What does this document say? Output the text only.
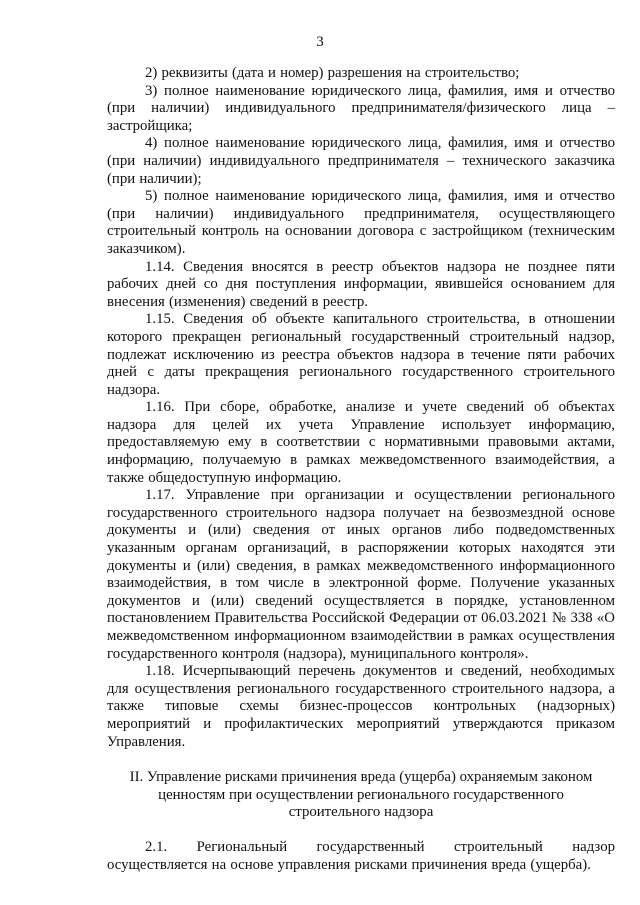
3

2) реквизиты (дата и номер) разрешения на строительство;

3) полное наименование юридического лица, фамилия, имя и отчество (при наличии) индивидуального предпринимателя/физического лица – застройщика;

4) полное наименование юридического лица, фамилия, имя и отчество (при наличии) индивидуального предпринимателя – технического заказчика (при наличии);

5) полное наименование юридического лица, фамилия, имя и отчество (при наличии) индивидуального предпринимателя, осуществляющего строительный контроль на основании договора с застройщиком (техническим заказчиком).

1.14. Сведения вносятся в реестр объектов надзора не позднее пяти рабочих дней со дня поступления информации, явившейся основанием для внесения (изменения) сведений в реестр.

1.15. Сведения об объекте капитального строительства, в отношении которого прекращен региональный государственный строительный надзор, подлежат исключению из реестра объектов надзора в течение пяти рабочих дней с даты прекращения регионального государственного строительного надзора.

1.16. При сборе, обработке, анализе и учете сведений об объектах надзора для целей их учета Управление использует информацию, предоставляемую ему в соответствии с нормативными правовыми актами, информацию, получаемую в рамках межведомственного взаимодействия, а также общедоступную информацию.

1.17. Управление при организации и осуществлении регионального государственного строительного надзора получает на безвозмездной основе документы и (или) сведения от иных органов либо подведомственных указанным органам организаций, в распоряжении которых находятся эти документы и (или) сведения, в рамках межведомственного информационного взаимодействия, в том числе в электронной форме. Получение указанных документов и (или) сведений осуществляется в порядке, установленном постановлением Правительства Российской Федерации от 06.03.2021 № 338 «О межведомственном информационном взаимодействии в рамках осуществления государственного контроля (надзора), муниципального контроля».

1.18. Исчерпывающий перечень документов и сведений, необходимых для осуществления регионального государственного строительного надзора, а также типовые схемы бизнес-процессов контрольных (надзорных) мероприятий и профилактических мероприятий утверждаются приказом Управления.

II. Управление рисками причинения вреда (ущерба) охраняемым законом ценностям при осуществлении регионального государственного строительного надзора

2.1. Региональный государственный строительный надзор осуществляется на основе управления рисками причинения вреда (ущерба).
